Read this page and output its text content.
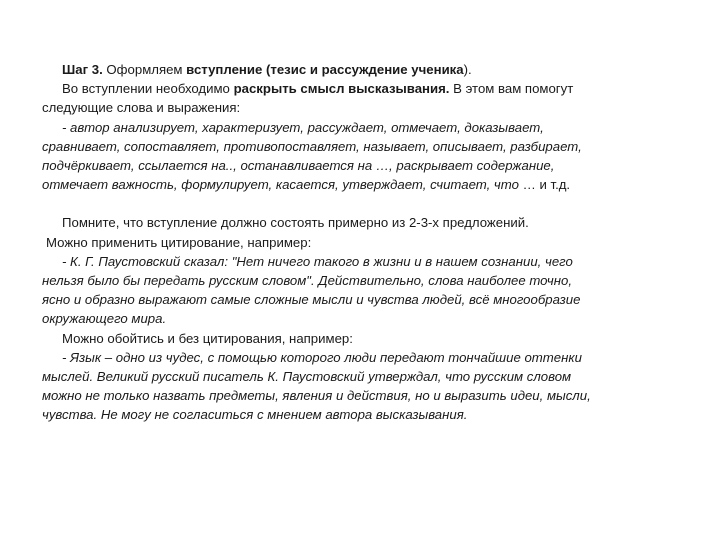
Шаг 3. Оформляем вступление (тезис и рассуждение ученика).
Во вступлении необходимо раскрыть смысл высказывания. В этом вам помогут
следующие слова и выражения:
- автор анализирует, характеризует, рассуждает, отмечает, доказывает,
сравнивает, сопоставляет, противопоставляет, называет, описывает, разбирает,
подчёркивает, ссылается на.., останавливается на …, раскрывает содержание,
отмечает важность, формулирует, касается, утверждает, считает, что … и т.д.
Помните, что вступление должно состоять примерно из 2-3-х предложений.
Можно применить цитирование, например:
- К. Г. Паустовский сказал: "Нет ничего такого в жизни и в нашем сознании, чего
нельзя было бы передать русским словом". Действительно, слова наиболее точно,
ясно и образно выражают самые сложные мысли и чувства людей, всё многообразие
окружающего мира.
Можно обойтись и без цитирования, например:
- Язык – одно из чудес, с помощью которого люди передают тончайшие оттенки
мыслей. Великий русский писатель К. Паустовский утверждал, что русским словом
можно не только назвать предметы, явления и действия, но и выразить идеи, мысли,
чувства. Не могу не согласиться с мнением автора высказывания.
